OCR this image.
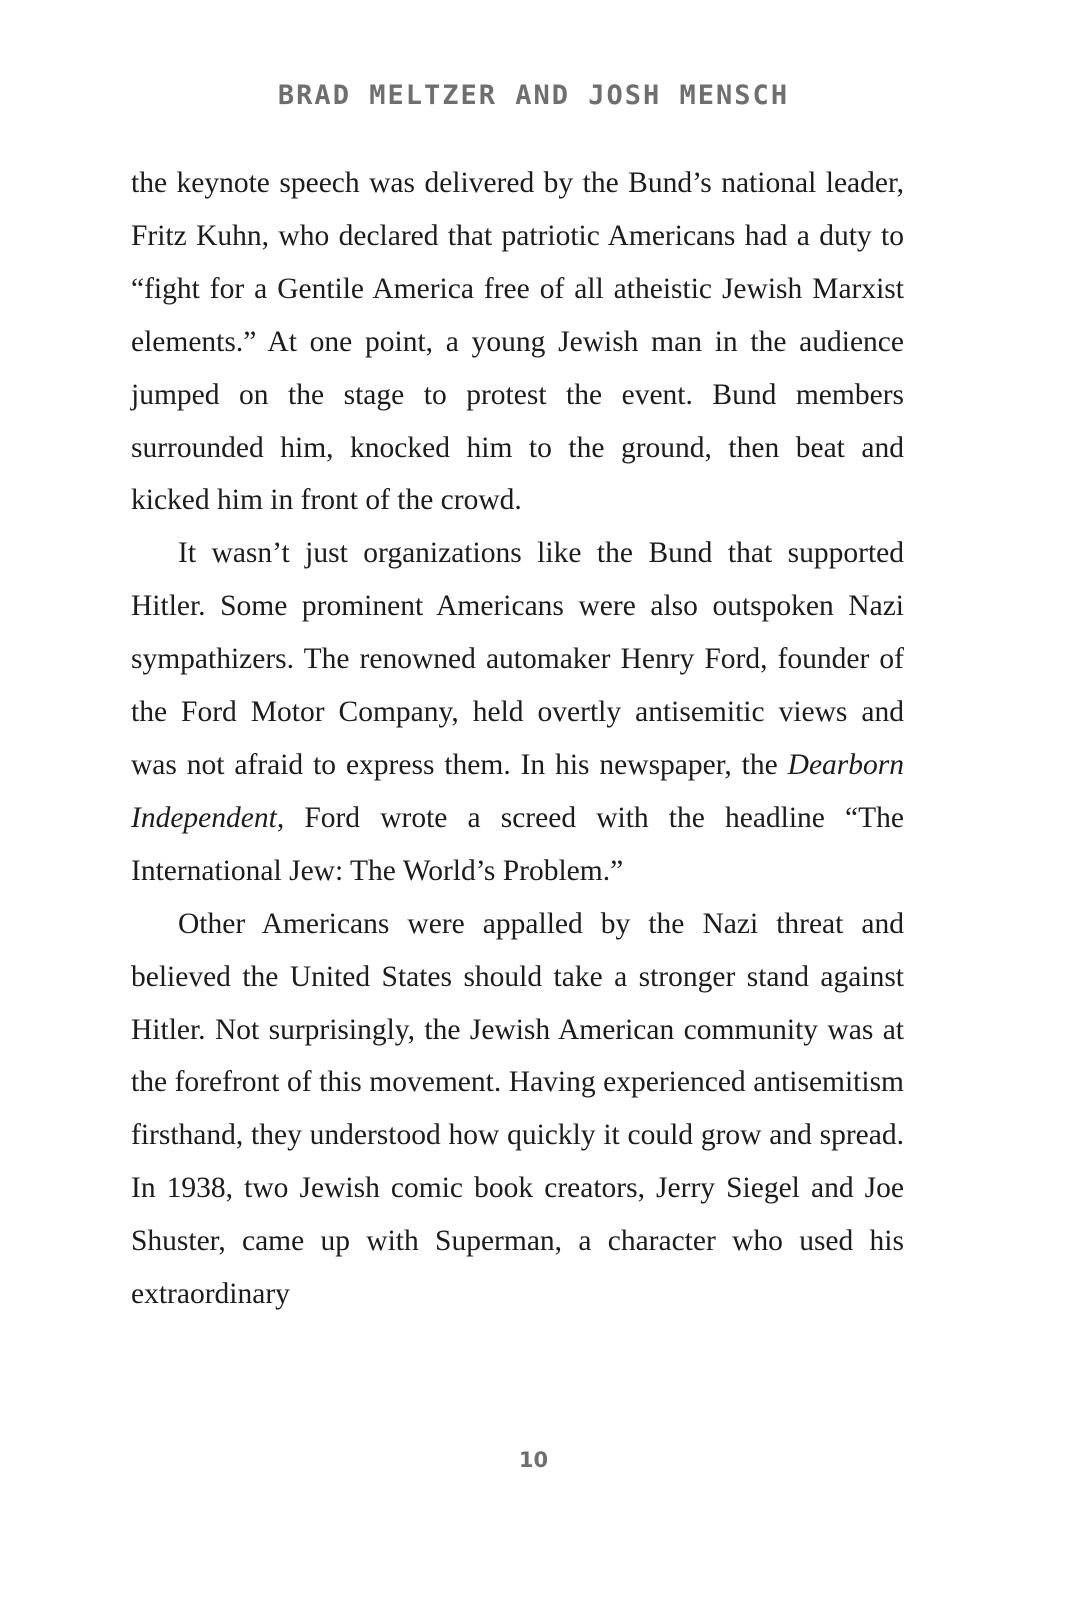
BRAD MELTZER AND JOSH MENSCH

the keynote speech was delivered by the Bund’s national leader, Fritz Kuhn, who declared that patriotic Americans had a duty to “fight for a Gentile America free of all atheistic Jewish Marxist elements.” At one point, a young Jewish man in the audience jumped on the stage to protest the event. Bund members surrounded him, knocked him to the ground, then beat and kicked him in front of the crowd.

It wasn’t just organizations like the Bund that supported Hitler. Some prominent Americans were also outspoken Nazi sympathizers. The renowned automaker Henry Ford, founder of the Ford Motor Company, held overtly antisemitic views and was not afraid to express them. In his newspaper, the Dearborn Independent, Ford wrote a screed with the headline “The International Jew: The World’s Problem.”

Other Americans were appalled by the Nazi threat and believed the United States should take a stronger stand against Hitler. Not surprisingly, the Jewish American community was at the forefront of this movement. Having experienced antisemitism firsthand, they understood how quickly it could grow and spread. In 1938, two Jewish comic book creators, Jerry Siegel and Joe Shuster, came up with Superman, a character who used his extraordinary

10
